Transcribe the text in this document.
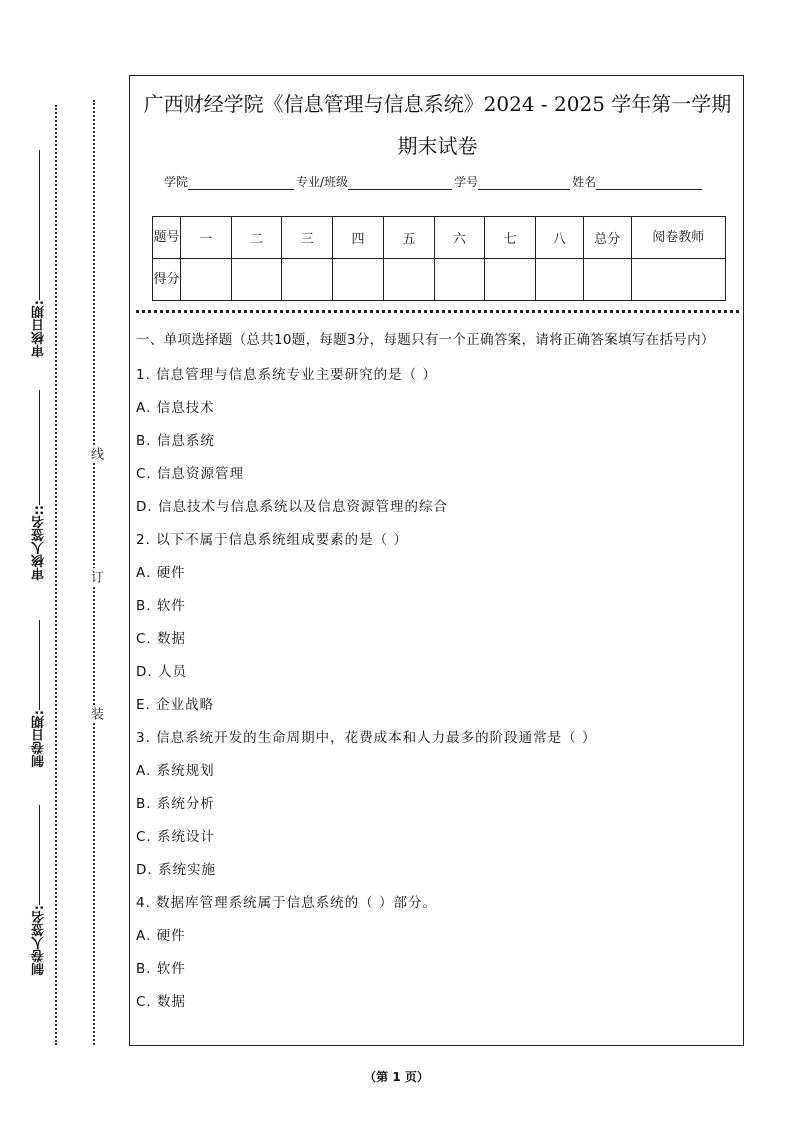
线
订
装
审核日期:
审核人签名::
制卷日期:
制卷人签名:
广西财经学院《信息管理与信息系统》2024 - 2025 学年第一学期
期末试卷
学院	专业/班级	学号	姓名
题号	一	二	三	四	五	六	七	八	总分	阅卷教师
得分										
一、单项选择题（总共10题，每题3分，每题只有一个正确答案，请将正确答案填写在括号内）
1. 信息管理与信息系统专业主要研究的是（ ）
A. 信息技术
B. 信息系统
C. 信息资源管理
D. 信息技术与信息系统以及信息资源管理的综合
2. 以下不属于信息系统组成要素的是（ ）
A. 硬件
B. 软件
C. 数据
D. 人员
E. 企业战略
3. 信息系统开发的生命周期中，花费成本和人力最多的阶段通常是（ ）
A. 系统规划
B. 系统分析
C. 系统设计
D. 系统实施
4. 数据库管理系统属于信息系统的（ ）部分。
A. 硬件
B. 软件
C. 数据
（第 1 页）
